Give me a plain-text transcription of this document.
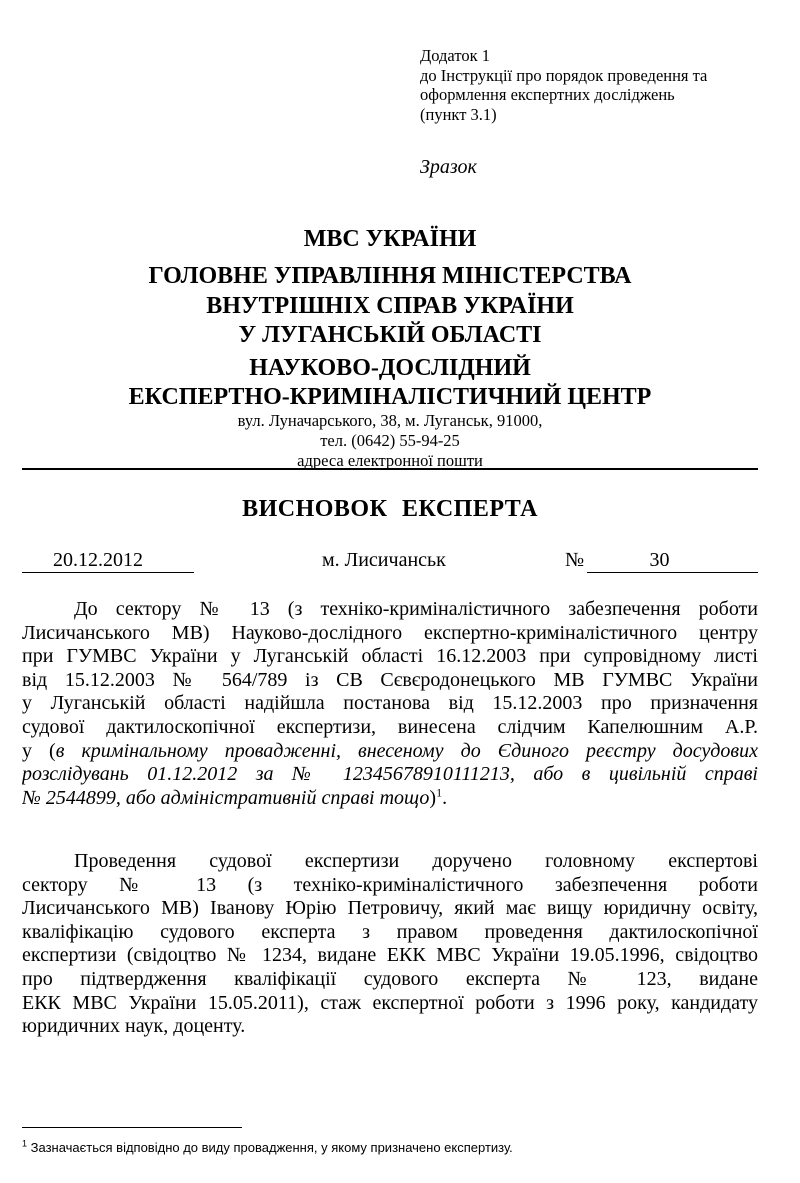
Додаток 1
до Інструкції про порядок проведення та
оформлення експертних досліджень
(пункт 3.1)
Зразок
МВС УКРАЇНИ
ГОЛОВНЕ УПРАВЛІННЯ МІНІСТЕРСТВА
ВНУТРІШНІХ СПРАВ УКРАЇНИ
У ЛУГАНСЬКІЙ ОБЛАСТІ
НАУКОВО-ДОСЛІДНИЙ
ЕКСПЕРТНО-КРИМІНАЛІСТИЧНИЙ ЦЕНТР
вул. Луначарського, 38, м. Луганськ, 91000,
тел. (0642) 55-94-25
адреса електронної пошти
ВИСНОВОК ЕКСПЕРТА
20.12.2012	м. Лисичанськ	№	30
До сектору № 13 (з техніко-криміналістичного забезпечення роботи
Лисичанського МВ) Науково-дослідного експертно-криміналістичного центру
при ГУМВС України у Луганській області 16.12.2003 при супровідному листі
від 15.12.2003 № 564/789 із СВ Сєвєродонецького МВ ГУМВС України
у Луганській області надійшла постанова від 15.12.2003 про призначення
судової дактилоскопічної експертизи, винесена слідчим Капелюшним А.Р.
у (в кримінальному провадженні, внесеному до Єдиного реєстру досудових
розслідувань 01.12.2012 за № 12345678910111213, або в цивільній справі
№ 2544899, або адміністративній справі тощо)$^1$.
Проведення судової експертизи доручено головному експертові
сектору № 13 (з техніко-криміналістичного забезпечення роботи
Лисичанського МВ) Іванову Юрію Петровичу, який має вищу юридичну освіту,
кваліфікацію судового експерта з правом проведення дактилоскопічної
експертизи (свідоцтво № 1234, видане ЕКК МВС України 19.05.1996, свідоцтво
про підтвердження кваліфікації судового експерта № 123, видане
ЕКК МВС України 15.05.2011), стаж експертної роботи з 1996 року, кандидату
юридичних наук, доценту.
$^1$ Зазначається відповідно до виду провадження, у якому призначено експертизу.
